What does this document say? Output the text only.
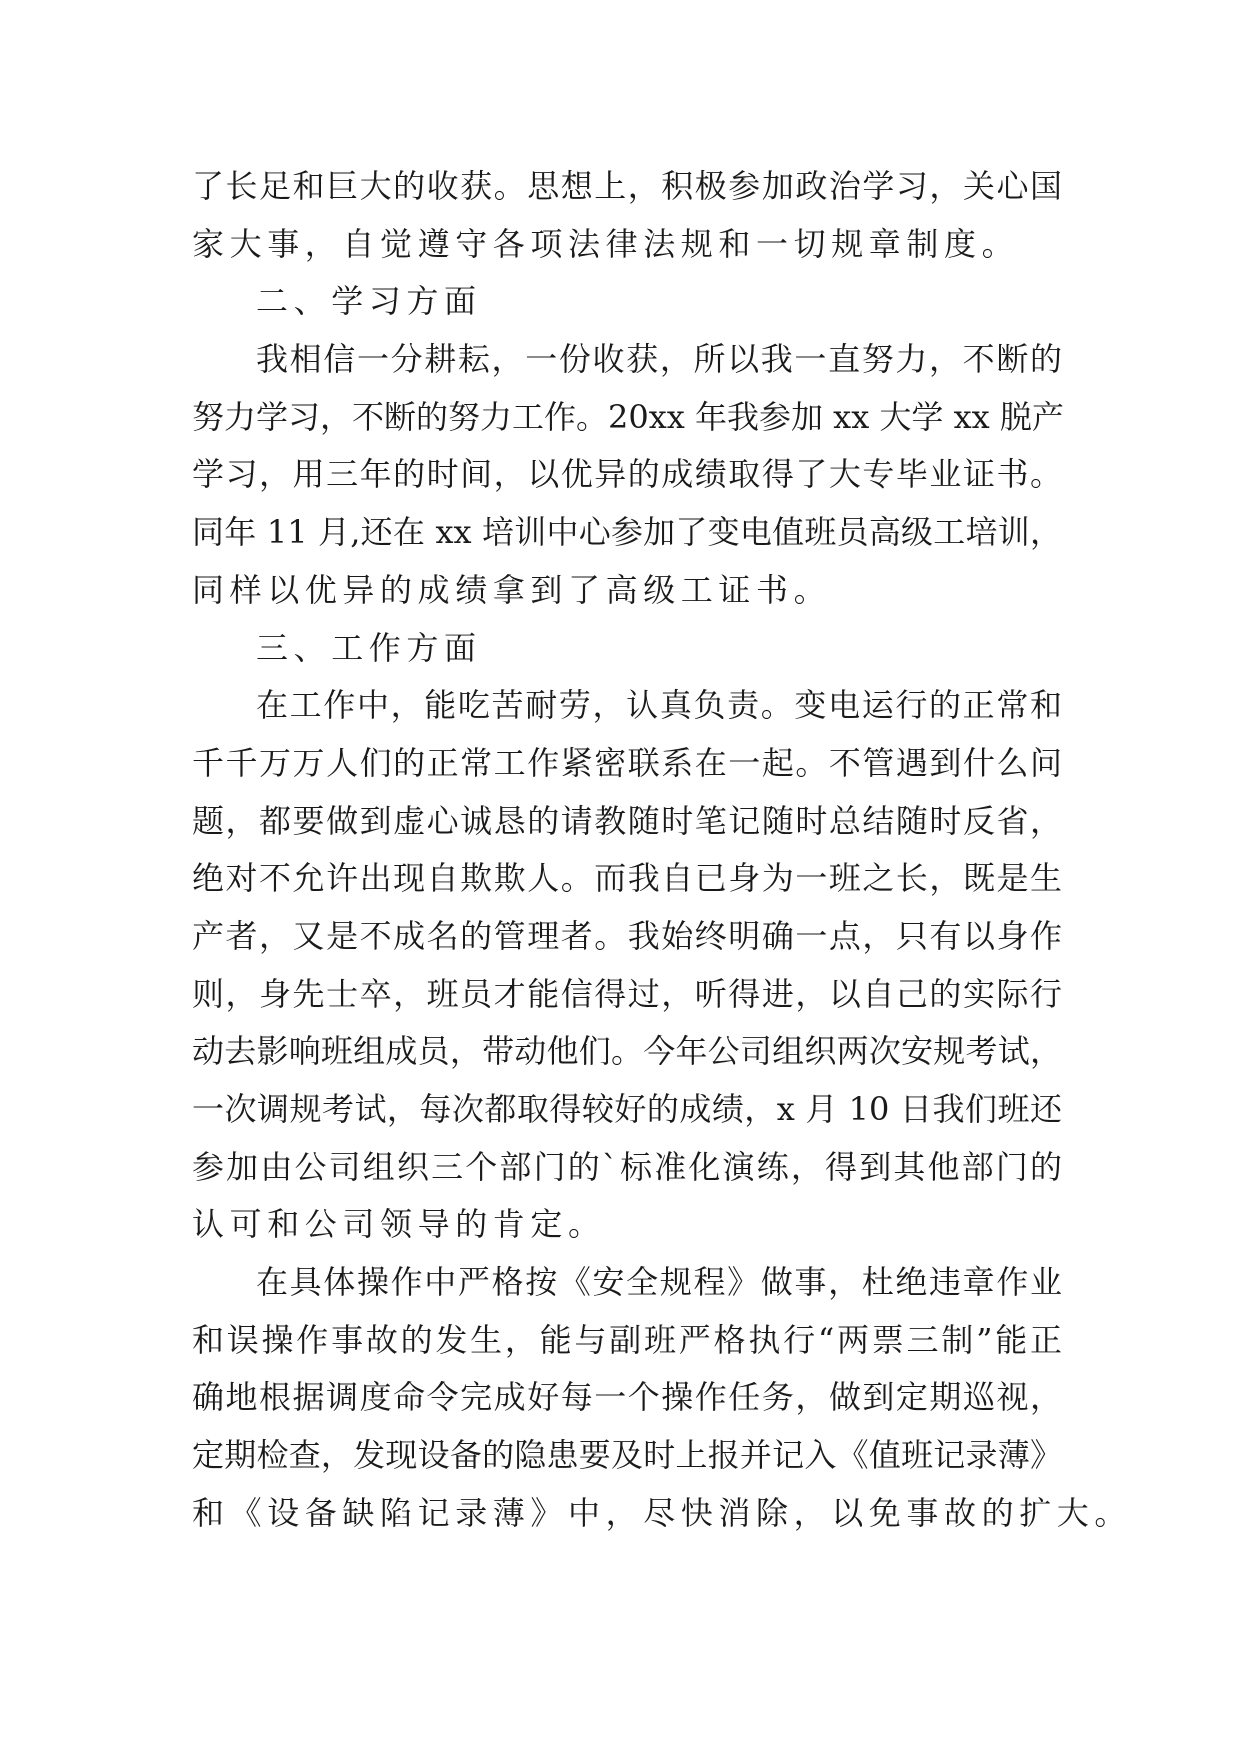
了长足和巨大的收获。思想上，积极参加政治学习，关心国
家大事，自觉遵守各项法律法规和一切规章制度。
二、学习方面
我相信一分耕耘，一份收获，所以我一直努力，不断的
努力学习，不断的努力工作。20xx 年我参加 xx 大学 xx 脱产
学习，用三年的时间，以优异的成绩取得了大专毕业证书。
同年 11 月,还在 xx 培训中心参加了变电值班员高级工培训，
同样以优异的成绩拿到了高级工证书。
三、工作方面
在工作中，能吃苦耐劳，认真负责。变电运行的正常和
千千万万人们的正常工作紧密联系在一起。不管遇到什么问
题，都要做到虚心诚恳的请教随时笔记随时总结随时反省，
绝对不允许出现自欺欺人。而我自已身为一班之长，既是生
产者，又是不成名的管理者。我始终明确一点，只有以身作
则，身先士卒，班员才能信得过，听得进，以自己的实际行
动去影响班组成员，带动他们。今年公司组织两次安规考试，
一次调规考试，每次都取得较好的成绩，x 月 10 日我们班还
参加由公司组织三个部门的`标准化演练，得到其他部门的
认可和公司领导的肯定。
在具体操作中严格按《安全规程》做事，杜绝违章作业
和误操作事故的发生，能与副班严格执行“两票三制”能正
确地根据调度命令完成好每一个操作任务，做到定期巡视，
定期检查，发现设备的隐患要及时上报并记入《值班记录薄》
和《设备缺陷记录薄》中，尽快消除，以免事故的扩大。
